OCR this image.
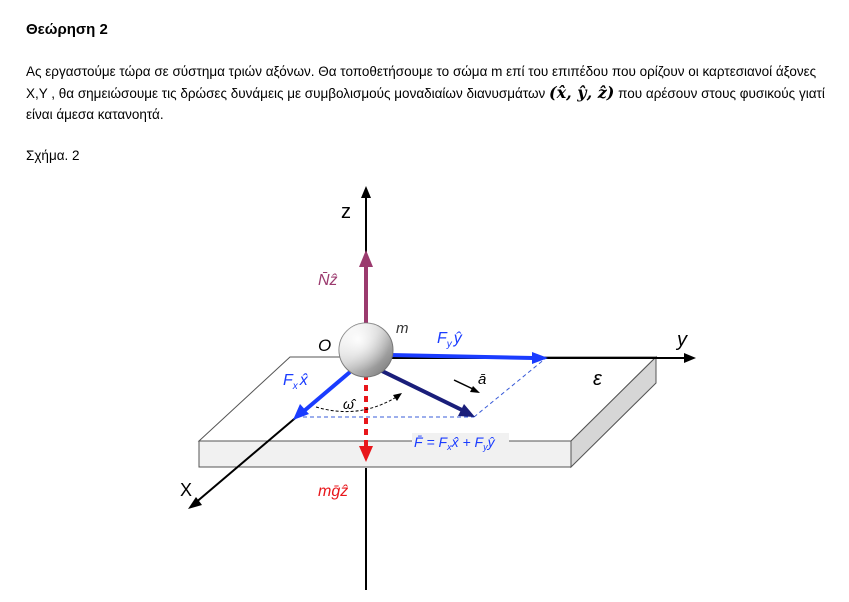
Θεώρηση 2

Ας εργαστούμε τώρα σε σύστημα τριών αξόνων. Θα τοποθετήσουμε το σώμα m επί του επιπέδου που ορίζουν οι καρτεσιανοί άξονες X,Y , θα σημειώσουμε τις δρώσες δυνάμεις με συμβολισμούς μοναδιαίων διανυσμάτων (x̂, ŷ, ẑ) που αρέσουν στους φυσικούς γιατί είναι άμεσα κατανοητά.

Σχήμα. 2

z
y
X
O
m
ε
N̄ẑ
mḡẑ
$F_y$ ŷ
$F_x$ x̂	ā
ω̂
F̄ = $F_xx̂$ + $F_yŷ$
